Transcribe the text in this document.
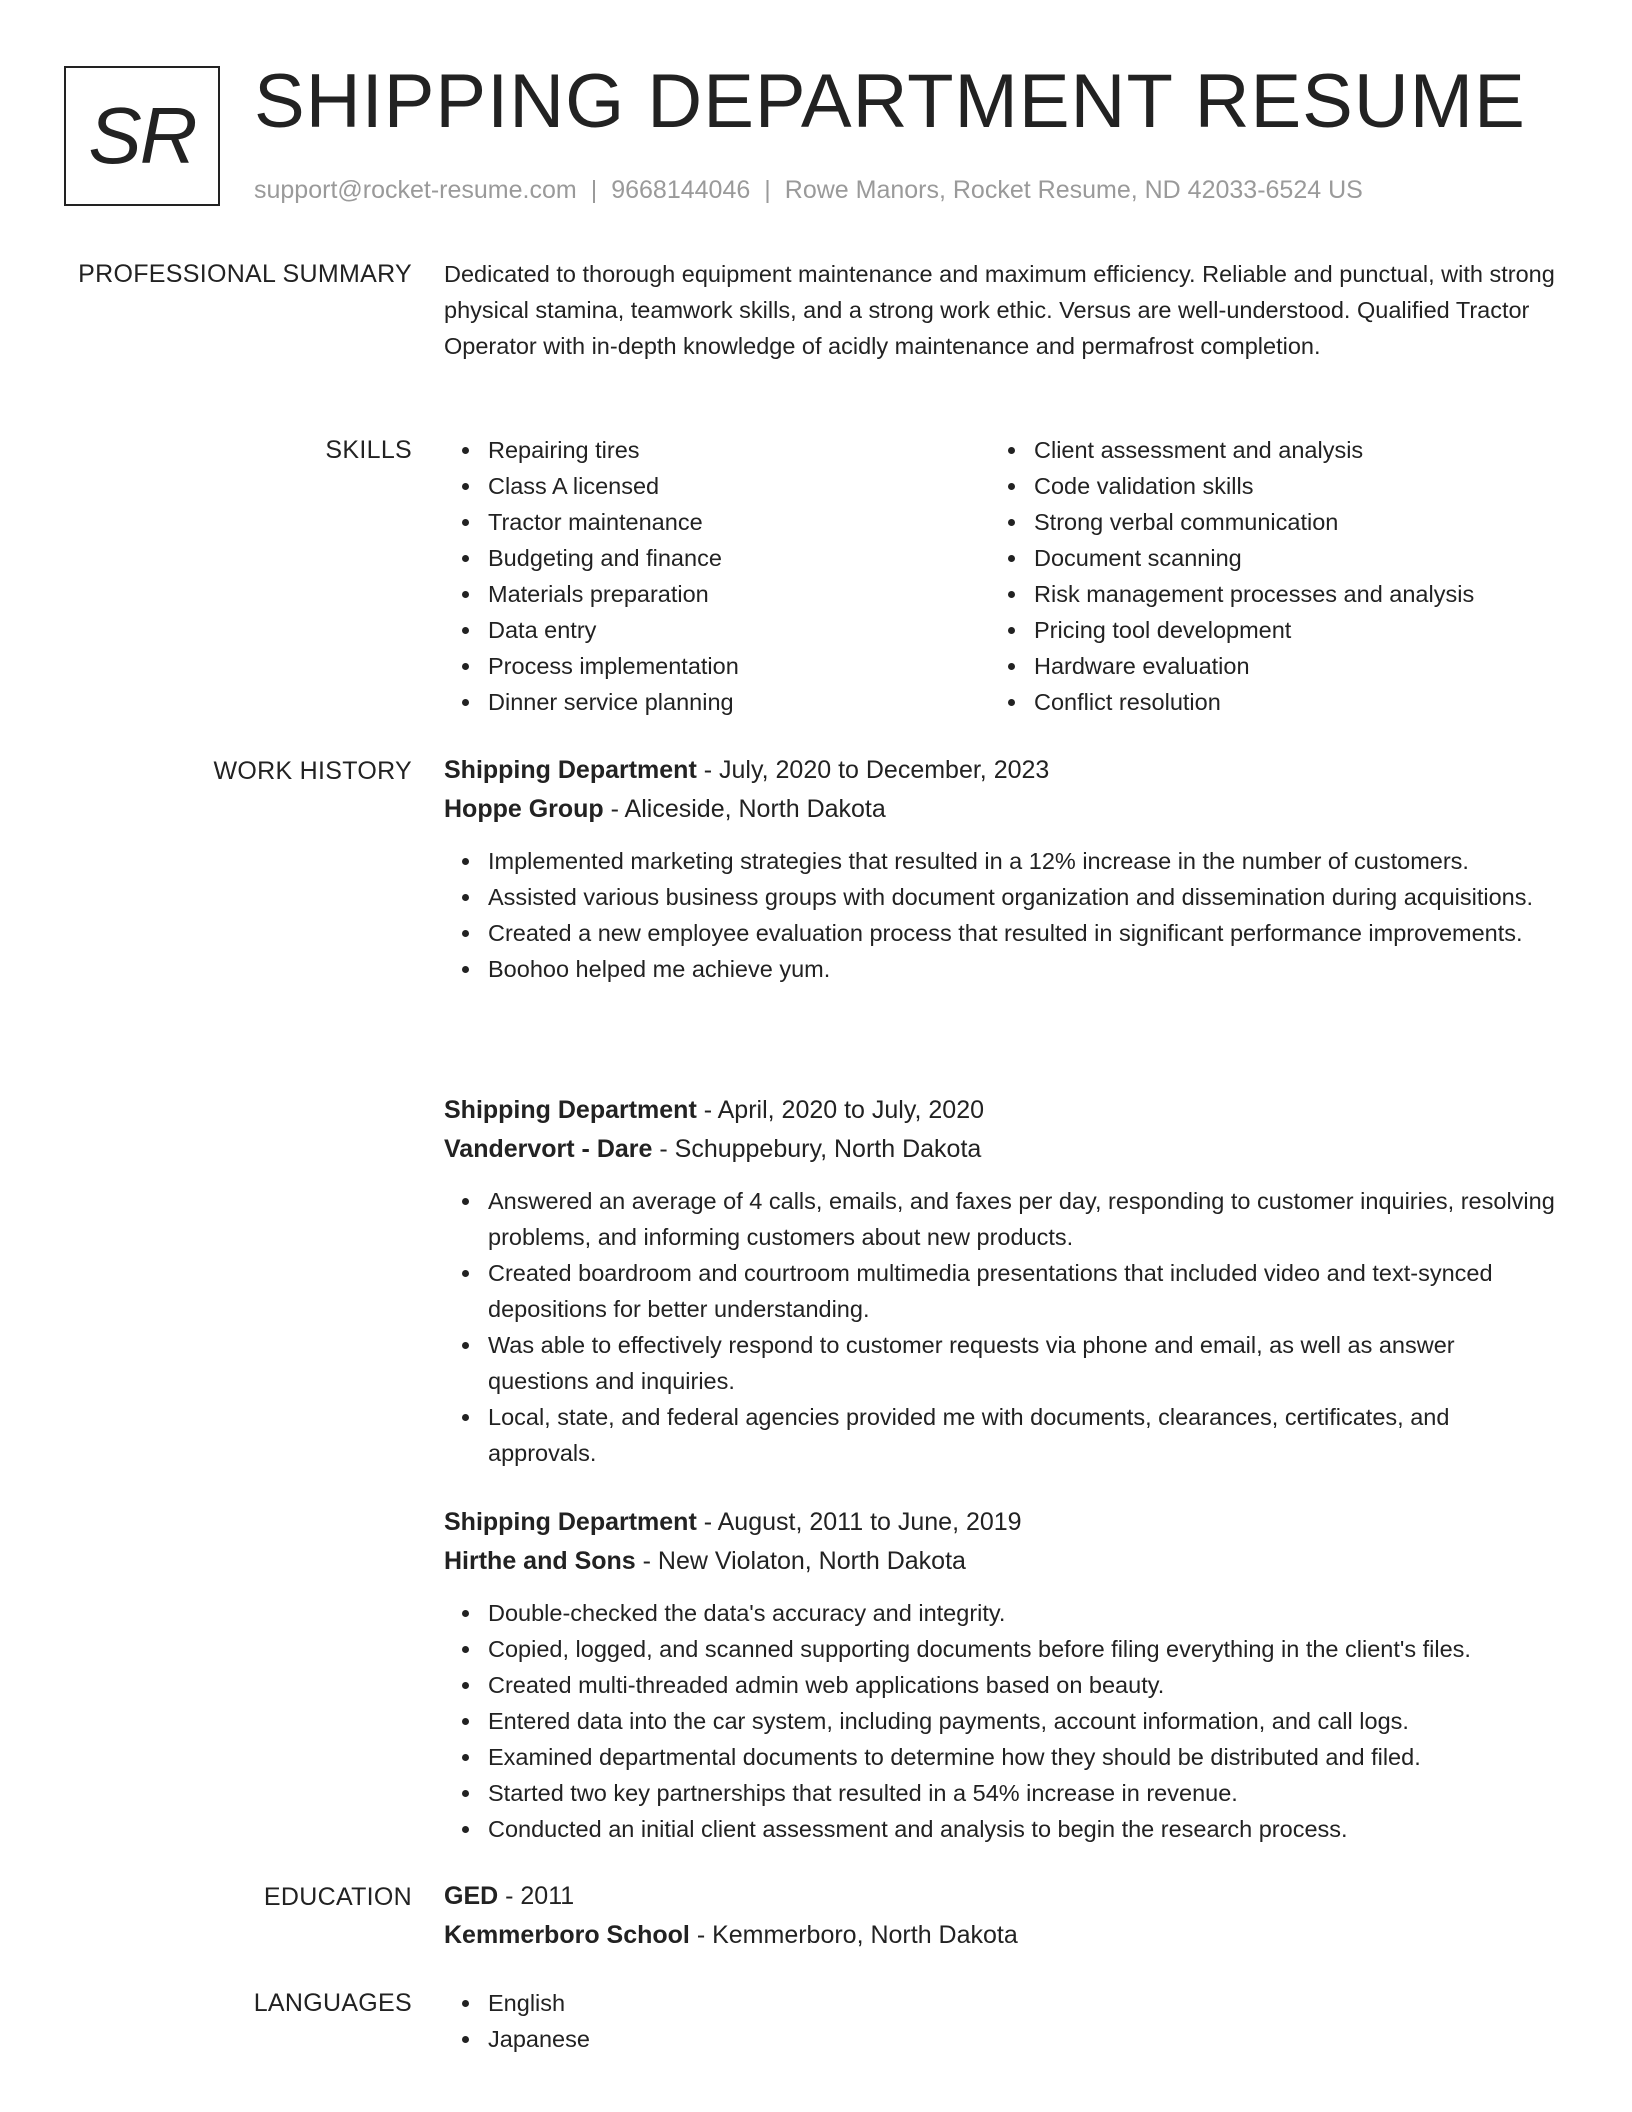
SR SHIPPING DEPARTMENT RESUME
support@rocket-resume.com | 9668144046 | Rowe Manors, Rocket Resume, ND 42033-6524 US
PROFESSIONAL SUMMARY Dedicated to thorough equipment maintenance and maximum efficiency. Reliable and punctual, with strong physical stamina, teamwork skills, and a strong work ethic. Versus are well-understood. Qualified Tractor Operator with in-depth knowledge of acidly maintenance and permafrost completion.

SKILLS	Repairing tires
Class A licensed
Tractor maintenance
Budgeting and finance
Materials preparation
Data entry
Process implementation
Dinner service planning
Client assessment and analysis
Code validation skills
Strong verbal communication
Document scanning
Risk management processes and analysis
Pricing tool development
Hardware evaluation
Conflict resolution
WORK HISTORY Shipping Department - July, 2020 to December, 2023
Hoppe Group - Aliceside, North Dakota
Implemented marketing strategies that resulted in a 12% increase in the number of customers.
Assisted various business groups with document organization and dissemination during acquisitions.
Created a new employee evaluation process that resulted in significant performance improvements.
Boohoo helped me achieve yum.
Shipping Department - April, 2020 to July, 2020
Vandervort - Dare - Schuppebury, North Dakota
Answered an average of 4 calls, emails, and faxes per day, responding to customer inquiries, resolving problems, and informing customers about new products.
Created boardroom and courtroom multimedia presentations that included video and text-synced depositions for better understanding.
Was able to effectively respond to customer requests via phone and email, as well as answer questions and inquiries.
Local, state, and federal agencies provided me with documents, clearances, certificates, and approvals.
Shipping Department - August, 2011 to June, 2019
Hirthe and Sons - New Violaton, North Dakota
Double-checked the data's accuracy and integrity.
Copied, logged, and scanned supporting documents before filing everything in the client's files.
Created multi-threaded admin web applications based on beauty.
Entered data into the car system, including payments, account information, and call logs.
Examined departmental documents to determine how they should be distributed and filed.
Started two key partnerships that resulted in a 54% increase in revenue.
Conducted an initial client assessment and analysis to begin the research process.
EDUCATION GED - 2011
Kemmerboro School - Kemmerboro, North Dakota
LANGUAGES	English
Japanese
